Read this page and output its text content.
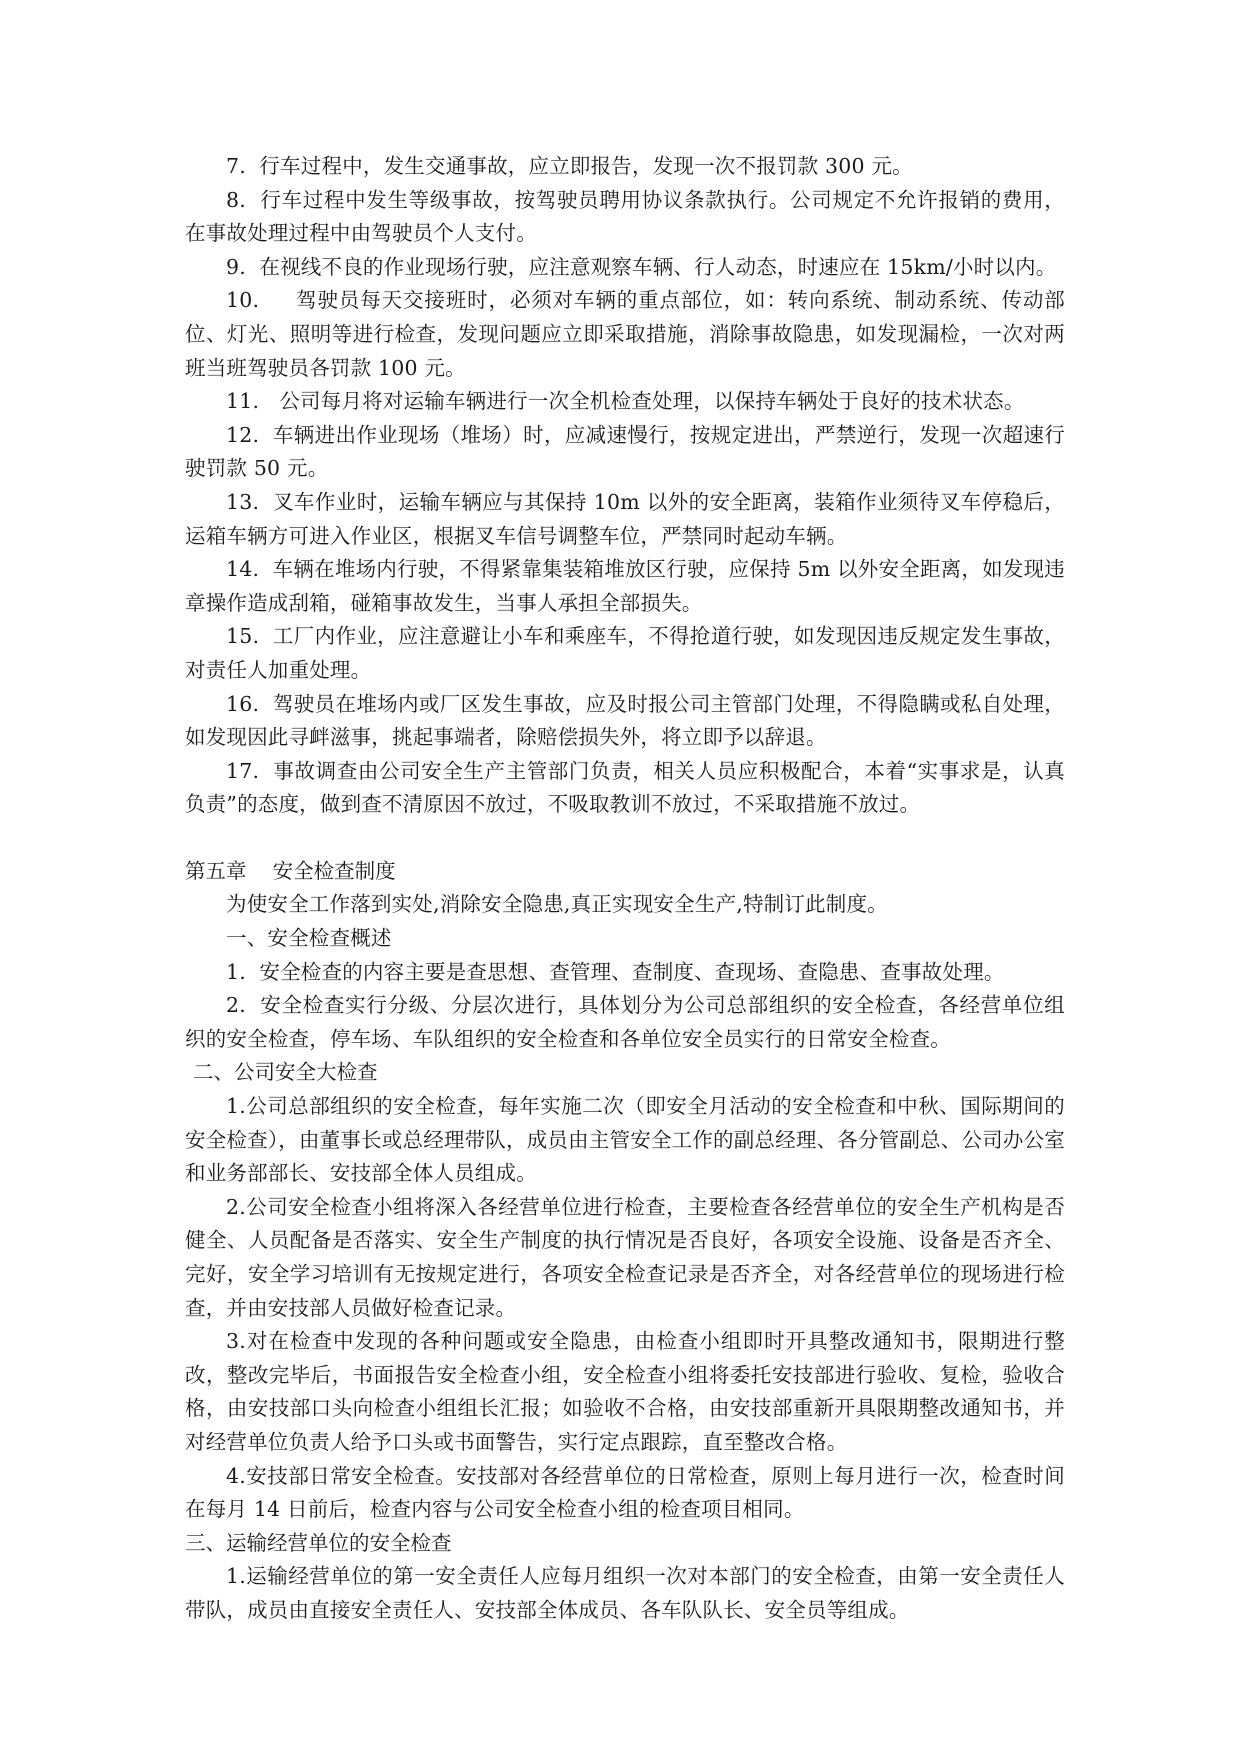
7.  行车过程中，发生交通事故，应立即报告，发现一次不报罚款 300 元。

8.  行车过程中发生等级事故，按驾驶员聘用协议条款执行。公司规定不允许报销的费用，在事故处理过程中由驾驶员个人支付。

9.  在视线不良的作业现场行驶，应注意观察车辆、行人动态，时速应在 15km/小时以内。

10.     驾驶员每天交接班时，必须对车辆的重点部位，如：转向系统、制动系统、传动部位、灯光、照明等进行检查，发现问题应立即采取措施，消除事故隐患，如发现漏检，一次对两班当班驾驶员各罚款 100 元。

11.   公司每月将对运输车辆进行一次全机检查处理，以保持车辆处于良好的技术状态。

12.  车辆进出作业现场（堆场）时，应减速慢行，按规定进出，严禁逆行，发现一次超速行驶罚款 50 元。

13.  叉车作业时，运输车辆应与其保持 10m 以外的安全距离，装箱作业须待叉车停稳后，运箱车辆方可进入作业区，根据叉车信号调整车位，严禁同时起动车辆。

14.  车辆在堆场内行驶，不得紧靠集装箱堆放区行驶，应保持 5m 以外安全距离，如发现违章操作造成刮箱，碰箱事故发生，当事人承担全部损失。

15.  工厂内作业，应注意避让小车和乘座车，不得抢道行驶，如发现因违反规定发生事故，对责任人加重处理。

16.  驾驶员在堆场内或厂区发生事故，应及时报公司主管部门处理，不得隐瞒或私自处理，如发现因此寻衅滋事，挑起事端者，除赔偿损失外，将立即予以辞退。

17.  事故调查由公司安全生产主管部门负责，相关人员应积极配合，本着“实事求是，认真负责”的态度，做到查不清原因不放过，不吸取教训不放过，不采取措施不放过。

第五章    安全检查制度

为使安全工作落到实处,消除安全隐患,真正实现安全生产,特制订此制度。

一、安全检查概述

1.  安全检查的内容主要是查思想、查管理、查制度、查现场、查隐患、查事故处理。

2.  安全检查实行分级、分层次进行，具体划分为公司总部组织的安全检查，各经营单位组织的安全检查，停车场、车队组织的安全检查和各单位安全员实行的日常安全检查。

二、公司安全大检查

1.公司总部组织的安全检查，每年实施二次（即安全月活动的安全检查和中秋、国际期间的安全检查），由董事长或总经理带队，成员由主管安全工作的副总经理、各分管副总、公司办公室和业务部部长、安技部全体人员组成。

2.公司安全检查小组将深入各经营单位进行检查，主要检查各经营单位的安全生产机构是否健全、人员配备是否落实、安全生产制度的执行情况是否良好，各项安全设施、设备是否齐全、完好，安全学习培训有无按规定进行，各项安全检查记录是否齐全，对各经营单位的现场进行检查，并由安技部人员做好检查记录。

3.对在检查中发现的各种问题或安全隐患，由检查小组即时开具整改通知书，限期进行整改，整改完毕后，书面报告安全检查小组，安全检查小组将委托安技部进行验收、复检，验收合格，由安技部口头向检查小组组长汇报；如验收不合格，由安技部重新开具限期整改通知书，并对经营单位负责人给予口头或书面警告，实行定点跟踪，直至整改合格。

4.安技部日常安全检查。安技部对各经营单位的日常检查，原则上每月进行一次，检查时间在每月 14 日前后，检查内容与公司安全检查小组的检查项目相同。

三、运输经营单位的安全检查

1.运输经营单位的第一安全责任人应每月组织一次对本部门的安全检查，由第一安全责任人带队，成员由直接安全责任人、安技部全体成员、各车队队长、安全员等组成。
